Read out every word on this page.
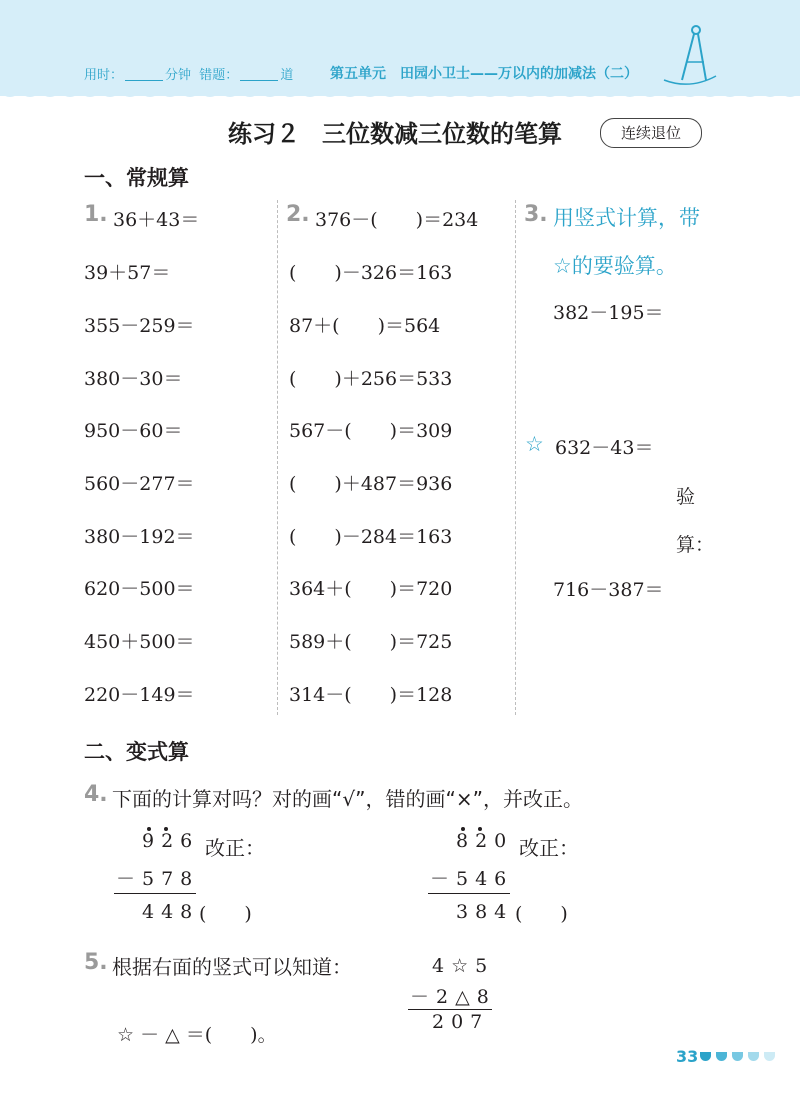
用时：	分钟 错题：	道	第五单元　田园小卫士——万以内的加减法（二）
练习２ 三位数减三位数的笔算	连续退位
一、常规算
1. 36＋43＝
39＋57＝
355－259＝
380－30＝
950－60＝
560－277＝
380－192＝
620－500＝
450＋500＝
220－149＝
2. 376－(　　)＝234
(　　)－326＝163
87＋(　　)＝564
(　　)＋256＝533
567－(　　)＝309
(　　)＋487＝936
(　　)－284＝163
364＋(　　)＝720
589＋(　　)＝725
314－(　　)＝128
3. 用竖式计算，带
☆的要验算。
382－195＝
☆ 632－43＝
验
算：
716－387＝
二、变式算
4. 下面的计算对吗？对的画“√”，错的画“×”，并改正。
926 改正：
－578
448 (　　)
820 改正：
－546
384 (　　)
5. 根据右面的竖式可以知道：
☆ － △ ＝(　　)。
4☆5
－2△8
207
33
